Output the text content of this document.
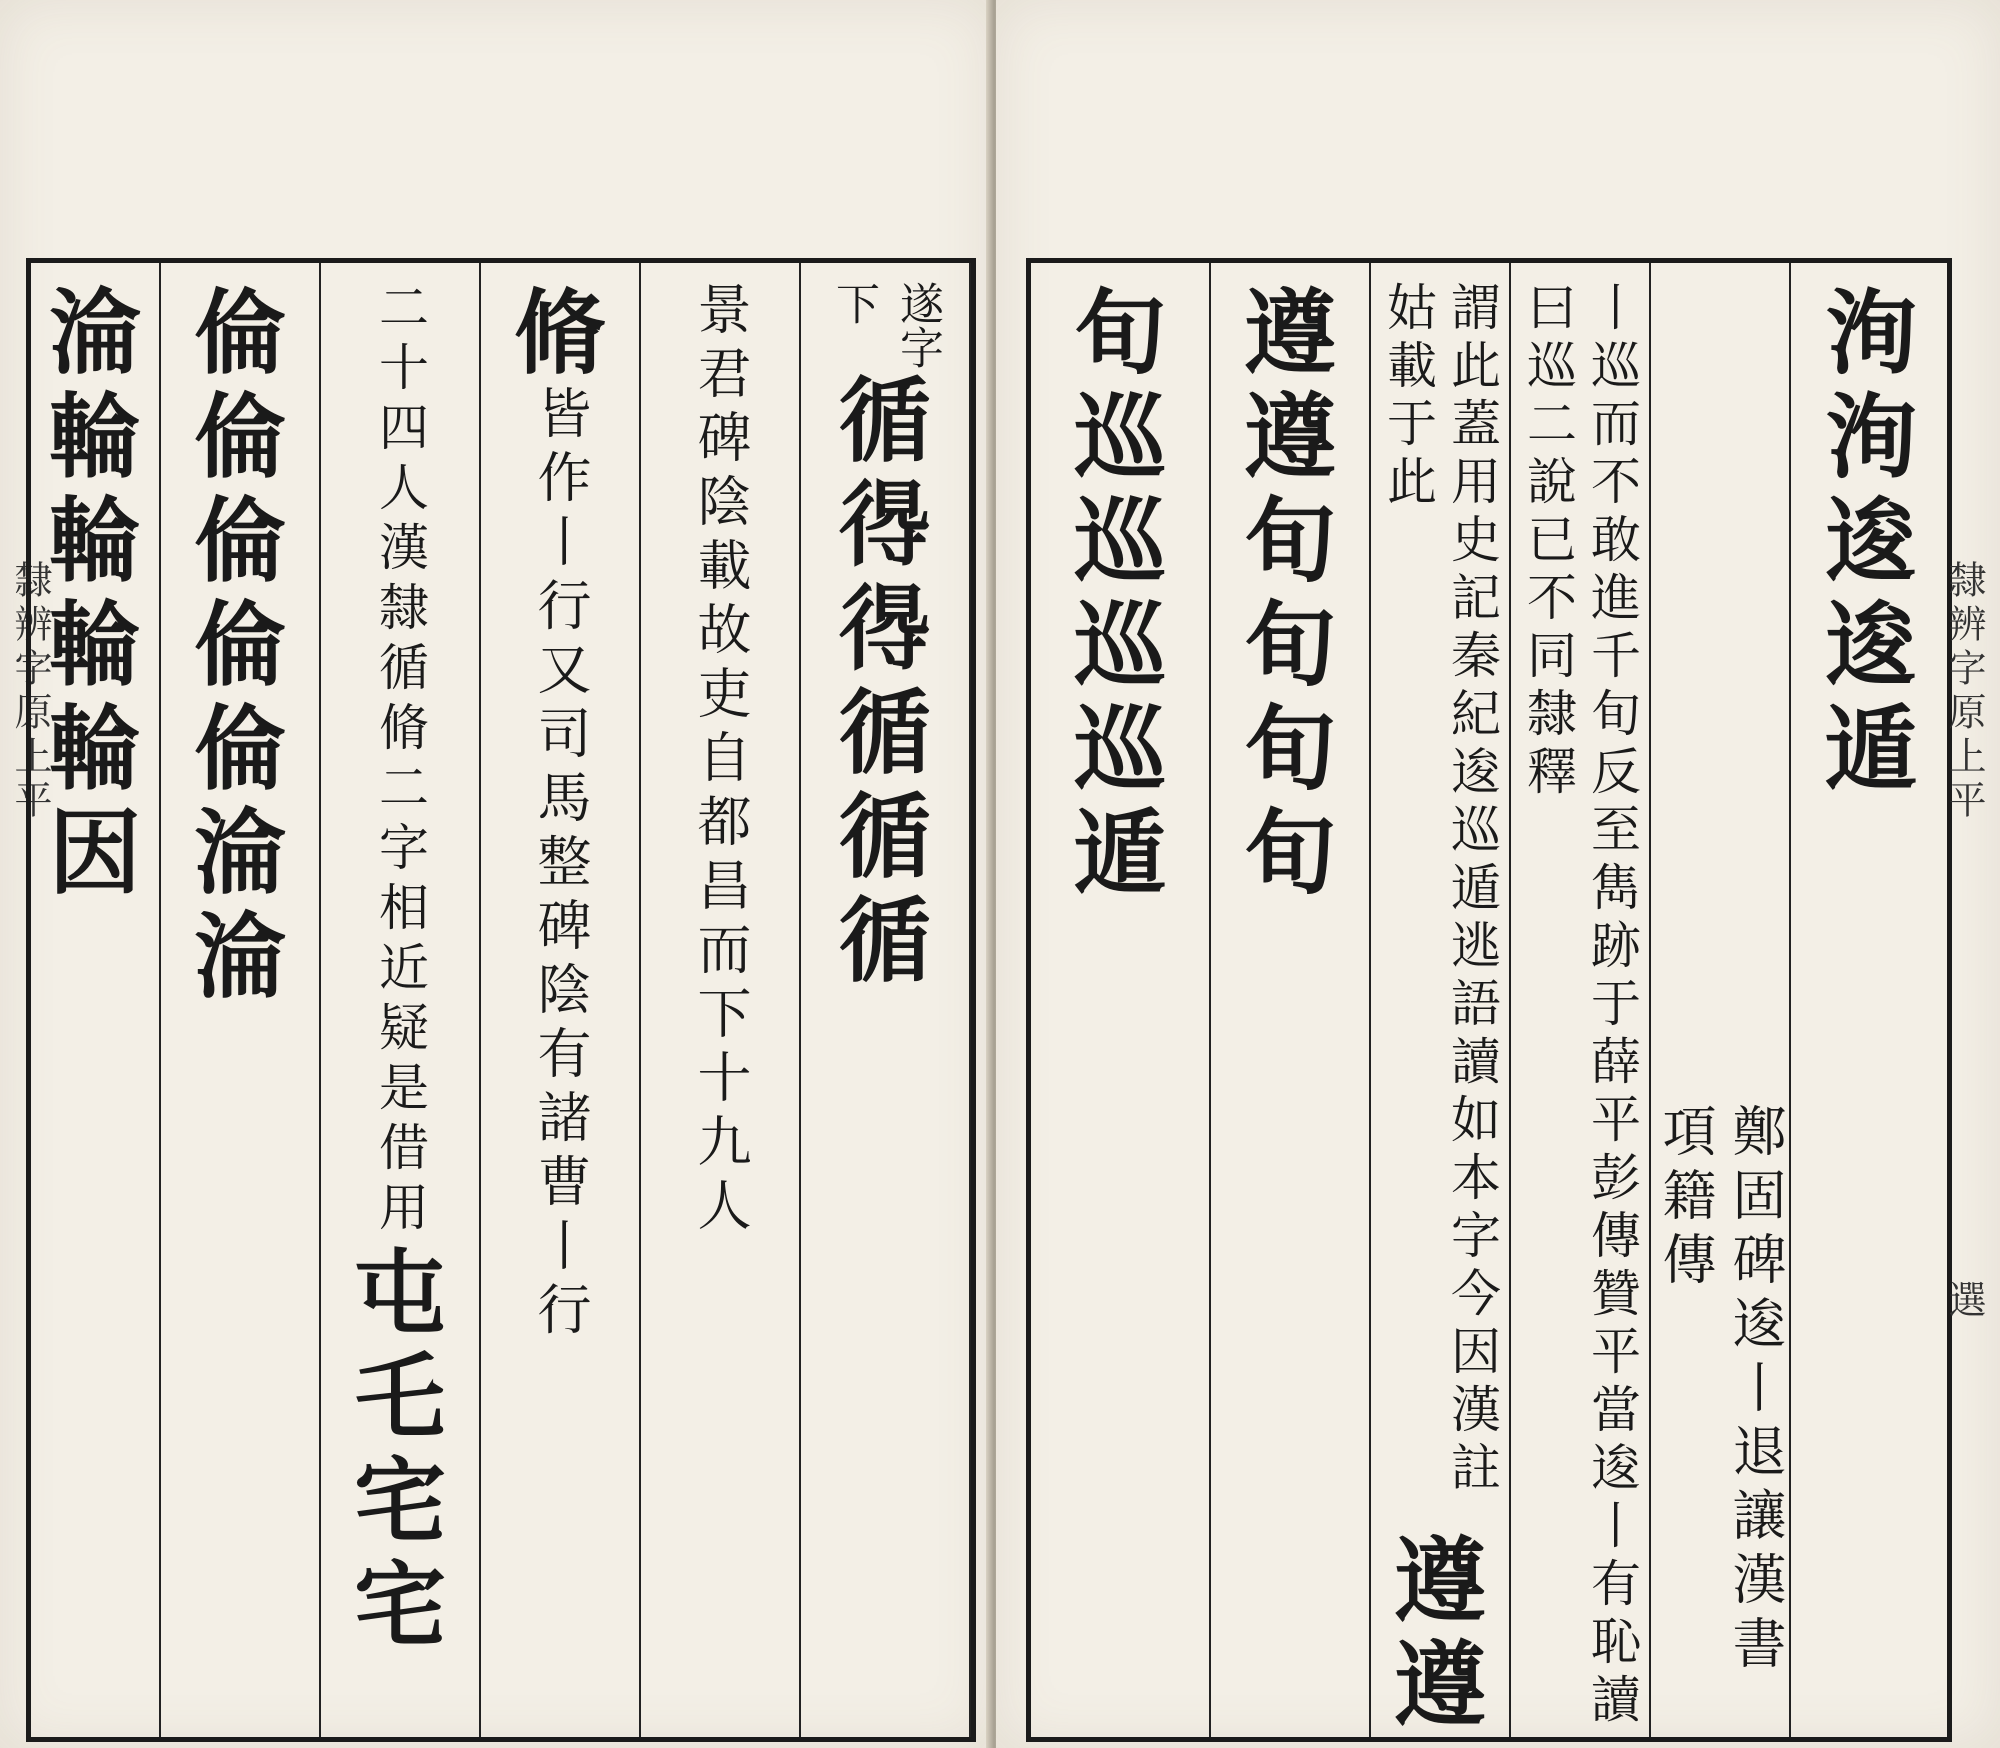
隸辨字原上平
遂字
下
循
𢔶
𢔶
循
循
循
景君碑陰載故吏自都昌而下十九人
脩
皆作丨行又司馬整碑陰有諸曹丨行
二十四人漢隸循脩二字相近疑是借用
屯
乇
宅
宅
倫
倫
倫
倫
倫
淪
淪
淪
輪
輪
輪
輪
因
洵
洵
逡
逡
遁
鄭固碑逡丨退讓漢書項籍傳
丨巡而不敢進千旬反至雋跡于薛平彭傳贊平當逡丨有恥讀曰巡二說已不同隸釋
謂此蓋用史記秦紀逡巡遁逃語讀如本字今因漢註姑載于此
遵
遵
遵
遵
旬
旬
旬
旬
旬
巡
巡
巡
巡
遁
隸辨字原上平
選
